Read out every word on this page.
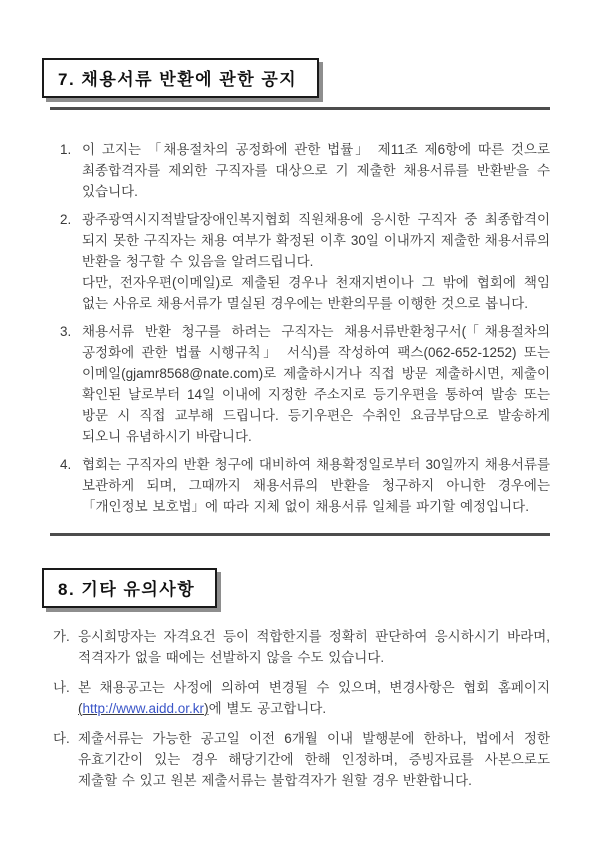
7. 채용서류 반환에 관한 공지
1. 이 고지는 「채용절차의 공정화에 관한 법률」 제11조 제6항에 따른 것으로 최종합격자를 제외한 구직자를 대상으로 기 제출한 채용서류를 반환받을 수 있습니다.
2. 광주광역시지적발달장애인복지협회 직원채용에 응시한 구직자 중 최종합격이 되지 못한 구직자는 채용 여부가 확정된 이후 30일 이내까지 제출한 채용서류의 반환을 청구할 수 있음을 알려드립니다.
다만, 전자우편(이메일)로 제출된 경우나 천재지변이나 그 밖에 협회에 책임 없는 사유로 채용서류가 멸실된 경우에는 반환의무를 이행한 것으로 봅니다.
3. 채용서류 반환 청구를 하려는 구직자는 채용서류반환청구서(「채용절차의 공정화에 관한 법률 시행규칙」 서식)를 작성하여 팩스(062-652-1252) 또는 이메일(gjamr8568@nate.com)로 제출하시거나 직접 방문 제출하시면, 제출이 확인된 날로부터 14일 이내에 지정한 주소지로 등기우편을 통하여 발송 또는 방문 시 직접 교부해 드립니다. 등기우편은 수취인 요금부담으로 발송하게 되오니 유념하시기 바랍니다.
4. 협회는 구직자의 반환 청구에 대비하여 채용확정일로부터 30일까지 채용서류를 보관하게 되며, 그때까지 채용서류의 반환을 청구하지 아니한 경우에는 「개인정보 보호법」에 따라 지체 없이 채용서류 일체를 파기할 예정입니다.
8. 기타 유의사항
가. 응시희망자는 자격요건 등이 적합한지를 정확히 판단하여 응시하시기 바라며, 적격자가 없을 때에는 선발하지 않을 수도 있습니다.
나. 본 채용공고는 사정에 의하여 변경될 수 있으며, 변경사항은 협회 홈페이지 (http://www.aidd.or.kr)에 별도 공고합니다.
다. 제출서류는 가능한 공고일 이전 6개월 이내 발행분에 한하나, 법에서 정한 유효기간이 있는 경우 해당기간에 한해 인정하며, 증빙자료를 사본으로도 제출할 수 있고 원본 제출서류는 불합격자가 원할 경우 반환합니다.
